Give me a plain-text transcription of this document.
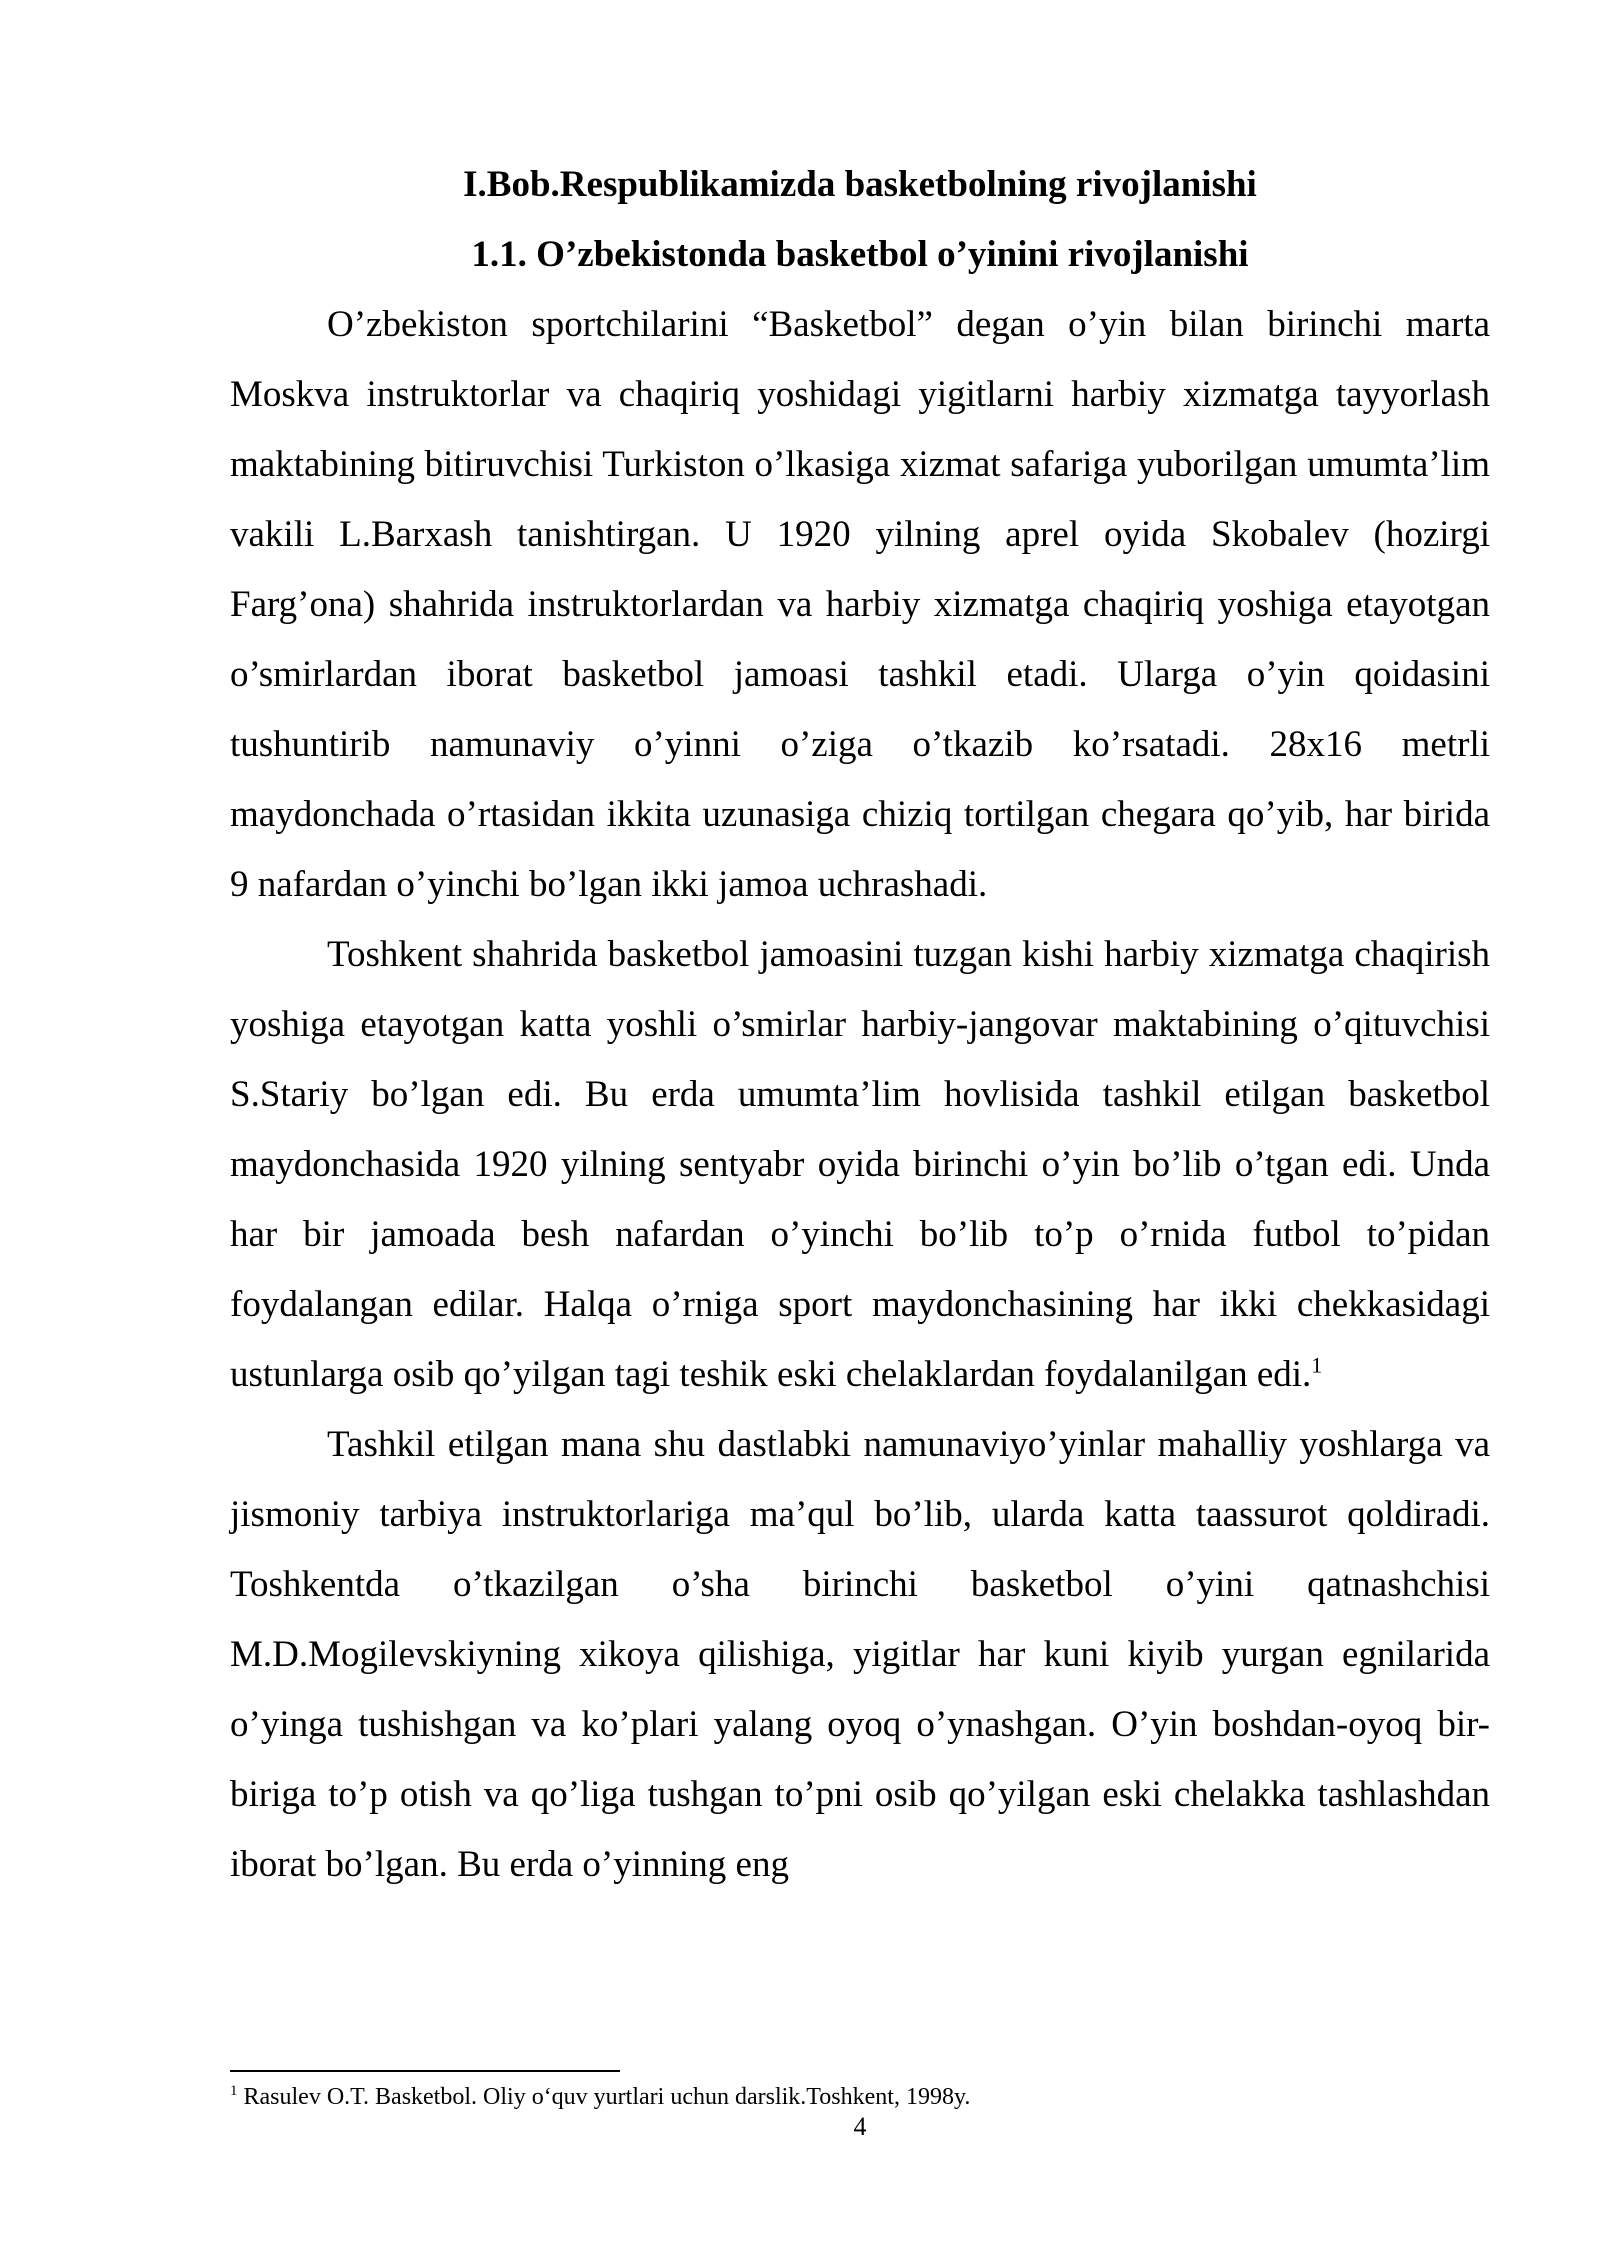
I.Bob.Respublikamizda basketbolning rivojlanishi
1.1. O’zbekistonda basketbol o’yinini rivojlanishi

O’zbekiston sportchilarini “Basketbol” degan o’yin bilan birinchi marta Moskva instruktorlar va chaqiriq yoshidagi yigitlarni harbiy xizmatga tayyorlash maktabining bitiruvchisi Turkiston o’lkasiga xizmat safariga yuborilgan umumta’lim vakili L.Barxash tanishtirgan. U 1920 yilning aprel oyida Skobalev (hozirgi Farg’ona) shahrida instruktorlardan va harbiy xizmatga chaqiriq yoshiga etayotgan o’smirlardan iborat basketbol jamoasi tashkil etadi. Ularga o’yin qoidasini tushuntirib namunaviy o’yinni o’ziga o’tkazib ko’rsatadi. 28x16 metrli maydonchada o’rtasidan ikkita uzunasiga chiziq tortilgan chegara qo’yib, har birida 9 nafardan o’yinchi bo’lgan ikki jamoa uchrashadi.

Toshkent shahrida basketbol jamoasini tuzgan kishi harbiy xizmatga chaqirish yoshiga etayotgan katta yoshli o’smirlar harbiy-jangovar maktabining o’qituvchisi S.Stariy bo’lgan edi. Bu erda umumta’lim hovlisida tashkil etilgan basketbol maydonchasida 1920 yilning sentyabr oyida birinchi o’yin bo’lib o’tgan edi. Unda har bir jamoada besh nafardan o’yinchi bo’lib to’p o’rnida futbol to’pidan foydalangan edilar. Halqa o’rniga sport maydonchasining har ikki chekkasidagi ustunlarga osib qo’yilgan tagi teshik eski chelaklardan foydalanilgan edi.$^1$

Tashkil etilgan mana shu dastlabki namunaviyo’yinlar mahalliy yoshlarga va jismoniy tarbiya instruktorlariga ma’qul bo’lib, ularda katta taassurot qoldiradi. Toshkentda o’tkazilgan o’sha birinchi basketbol o’yini qatnashchisi M.D.Mogilevskiyning xikoya qilishiga, yigitlar har kuni kiyib yurgan egnilarida o’yinga tushishgan va ko’plari yalang oyoq o’ynashgan. O’yin boshdan-oyoq bir-biriga to’p otish va qo’liga tushgan to’pni osib qo’yilgan eski chelakka tashlashdan iborat bo’lgan. Bu erda o’yinning eng

$^1$ Rasulev O.T. Basketbol. Oliy o‘quv yurtlari uchun darslik.Toshkent, 1998y.
4
